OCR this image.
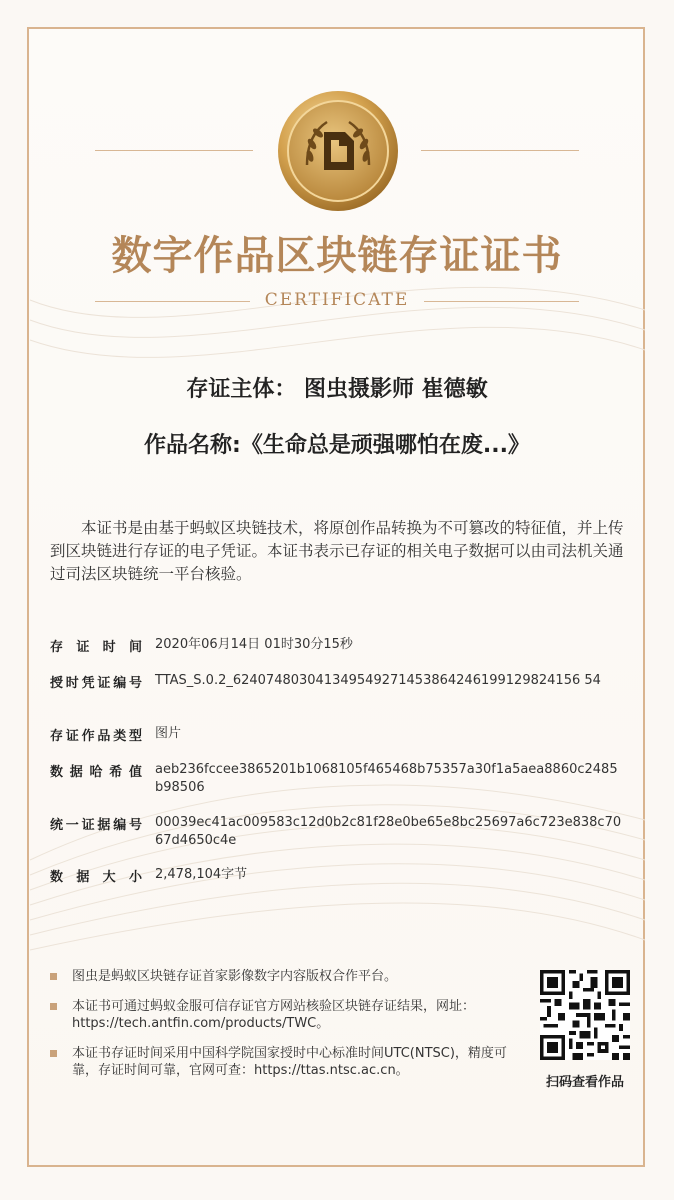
数字作品区块链存证证书
CERTIFICATE
存证主体： 图虫摄影师 崔德敏
作品名称:《生命总是顽强哪怕在废...》
本证书是由基于蚂蚁区块链技术，将原创作品转换为不可篡改的特征值，并上传到区块链进行存证的电子凭证。本证书表示已存证的相关电子数据可以由司法机关通过司法区块链统一平台核验。
存证时间 2020年06月14日 01时30分15秒
授时凭证编号 TTAS_S.0.2_624074803041349549271453864246199129824156 54
存证作品类型 图片
数据哈希值 aeb236fccee3865201b1068105f465468b75357a30f1a5aea8860c2485b98506
统一证据编号 00039ec41ac009583c12d0b2c81f28e0be65e8bc25697a6c723e838c7067d4650c4e
数据大小 2,478,104字节
图虫是蚂蚁区块链存证首家影像数字内容版权合作平台。
本证书可通过蚂蚁金服可信存证官方网站核验区块链存证结果，网址：https://tech.antfin.com/products/TWC。
本证书存证时间采用中国科学院国家授时中心标准时间UTC(NTSC)，精度可靠，存证时间可靠，官网可查：https://ttas.ntsc.ac.cn。
扫码查看作品
